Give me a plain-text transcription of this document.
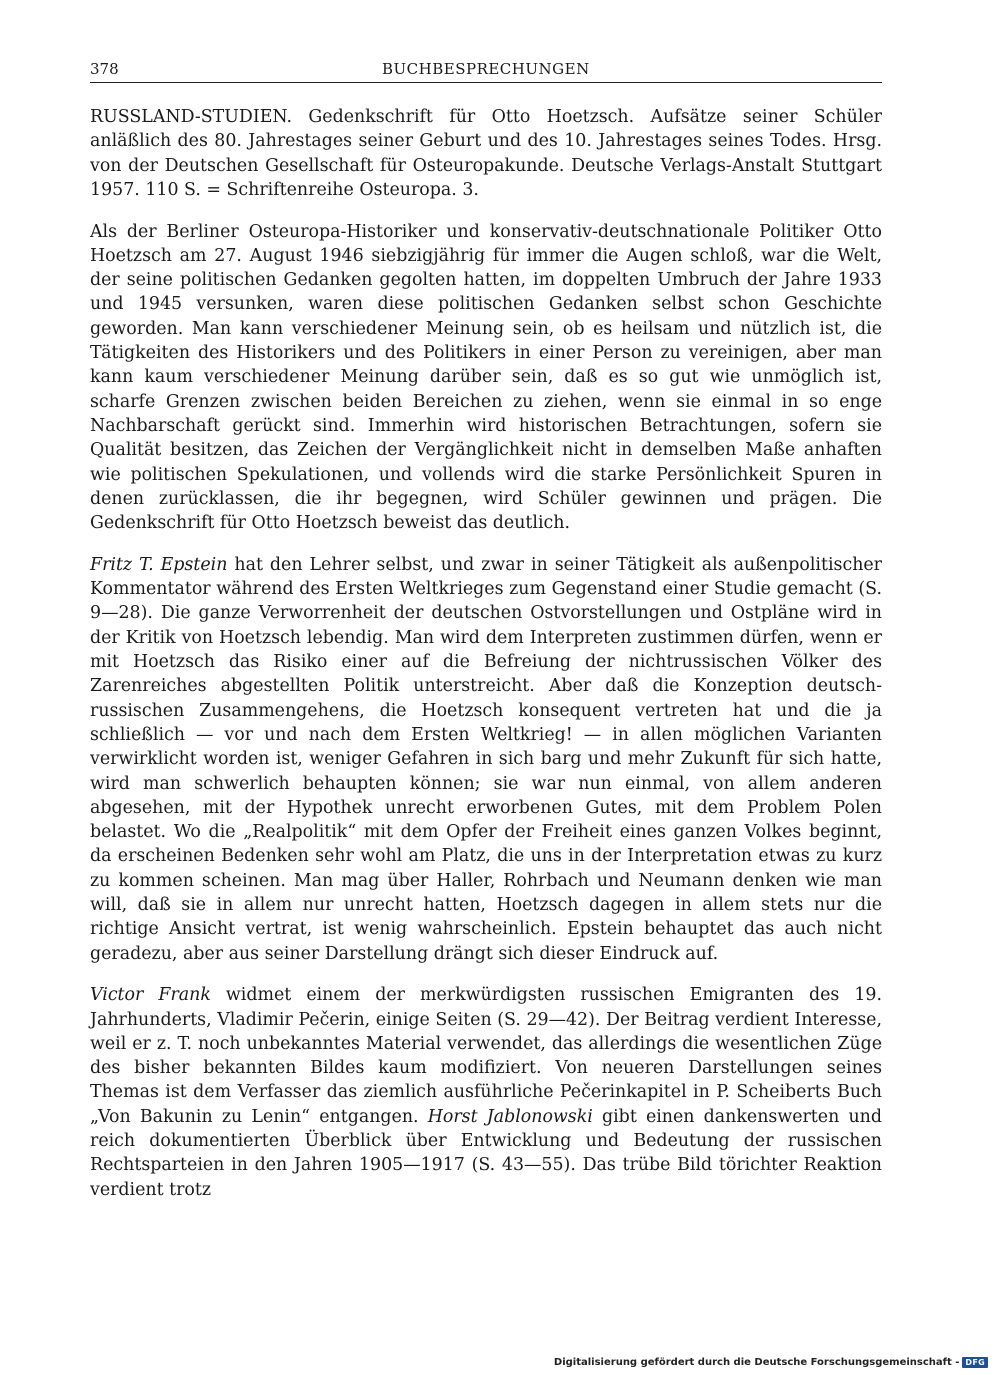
378	BUCHBESPRECHUNGEN

RUSSLAND-STUDIEN. Gedenkschrift für Otto Hoetzsch. Aufsätze seiner Schüler anläßlich des 80. Jahrestages seiner Geburt und des 10. Jahrestages seines Todes. Hrsg. von der Deutschen Gesellschaft für Osteuropakunde. Deutsche Verlags-Anstalt Stuttgart 1957. 110 S. = Schriftenreihe Osteuropa. 3.

Als der Berliner Osteuropa-Historiker und konservativ-deutschnationale Politiker Otto Hoetzsch am 27. August 1946 siebzigjährig für immer die Augen schloß, war die Welt, der seine politischen Gedanken gegolten hatten, im doppelten Umbruch der Jahre 1933 und 1945 versunken, waren diese politischen Gedanken selbst schon Geschichte geworden. Man kann verschiedener Meinung sein, ob es heilsam und nützlich ist, die Tätigkeiten des Historikers und des Politikers in einer Person zu vereinigen, aber man kann kaum verschiedener Meinung darüber sein, daß es so gut wie unmöglich ist, scharfe Grenzen zwischen beiden Bereichen zu ziehen, wenn sie einmal in so enge Nachbarschaft gerückt sind. Immerhin wird historischen Betrachtungen, sofern sie Qualität besitzen, das Zeichen der Vergänglichkeit nicht in demselben Maße anhaften wie politischen Spekulationen, und vollends wird die starke Persönlichkeit Spuren in denen zurücklassen, die ihr begegnen, wird Schüler gewinnen und prägen. Die Gedenkschrift für Otto Hoetzsch beweist das deutlich.

Fritz T. Epstein hat den Lehrer selbst, und zwar in seiner Tätigkeit als außenpolitischer Kommentator während des Ersten Weltkrieges zum Gegenstand einer Studie gemacht (S. 9—28). Die ganze Verworrenheit der deutschen Ostvorstellungen und Ostpläne wird in der Kritik von Hoetzsch lebendig. Man wird dem Interpreten zustimmen dürfen, wenn er mit Hoetzsch das Risiko einer auf die Befreiung der nichtrussischen Völker des Zarenreiches abgestellten Politik unterstreicht. Aber daß die Konzeption deutsch-russischen Zusammengehens, die Hoetzsch konsequent vertreten hat und die ja schließlich — vor und nach dem Ersten Weltkrieg! — in allen möglichen Varianten verwirklicht worden ist, weniger Gefahren in sich barg und mehr Zukunft für sich hatte, wird man schwerlich behaupten können; sie war nun einmal, von allem anderen abgesehen, mit der Hypothek unrecht erworbenen Gutes, mit dem Problem Polen belastet. Wo die „Realpolitik“ mit dem Opfer der Freiheit eines ganzen Volkes beginnt, da erscheinen Bedenken sehr wohl am Platz, die uns in der Interpretation etwas zu kurz zu kommen scheinen. Man mag über Haller, Rohrbach und Neumann denken wie man will, daß sie in allem nur unrecht hatten, Hoetzsch dagegen in allem stets nur die richtige Ansicht vertrat, ist wenig wahrscheinlich. Epstein behauptet das auch nicht geradezu, aber aus seiner Darstellung drängt sich dieser Eindruck auf.

Victor Frank widmet einem der merkwürdigsten russischen Emigranten des 19. Jahrhunderts, Vladimir Pečerin, einige Seiten (S. 29—42). Der Beitrag verdient Interesse, weil er z. T. noch unbekanntes Material verwendet, das allerdings die wesentlichen Züge des bisher bekannten Bildes kaum modifiziert. Von neueren Darstellungen seines Themas ist dem Verfasser das ziemlich ausführliche Pečerinkapitel in P. Scheiberts Buch „Von Bakunin zu Lenin“ entgangen. Horst Jablonowski gibt einen dankenswerten und reich dokumentierten Überblick über Entwicklung und Bedeutung der russischen Rechtsparteien in den Jahren 1905—1917 (S. 43—55). Das trübe Bild törichter Reaktion verdient trotz

Digitalisierung gefördert durch die Deutsche Forschungsgemeinschaft - DFG
